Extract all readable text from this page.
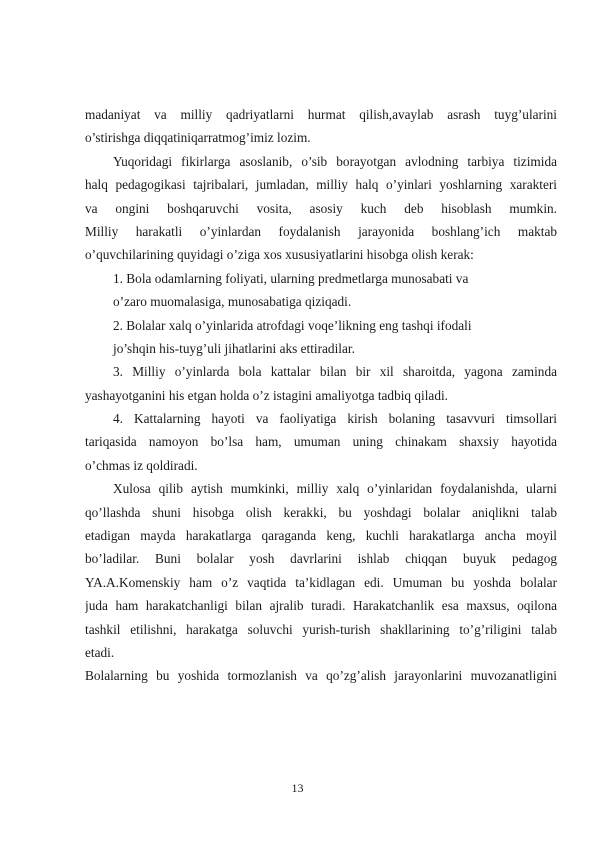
madaniyat va milliy qadriyatlarni hurmat qilish,avaylab asrash tuyg’ularini
o’stirishga diqqatiniqarratmog’imiz lozim.
Yuqoridagi fikirlarga asoslanib, o’sib borayotgan avlodning tarbiya tizimida
halq pedagogikasi tajribalari, jumladan, milliy halq o’yinlari yoshlarning xarakteri
va ongini boshqaruvchi vosita, asosiy kuch deb hisoblash mumkin.
Milliy harakatli o’yinlardan foydalanish jarayonida boshlang’ich maktab
o’quvchilarining quyidagi o’ziga xos xususiyatlarini hisobga olish kerak:
1. Bola odamlarning foliyati, ularning predmetlarga munosabati va
o’zaro muomalasiga, munosabatiga qiziqadi.
2. Bolalar xalq o’yinlarida atrofdagi voqe’likning eng tashqi ifodali
jo’shqin his-tuyg’uli jihatlarini aks ettiradilar.
3. Milliy o’yinlarda bola kattalar bilan bir xil sharoitda, yagona zaminda
yashayotganini his etgan holda o’z istagini amaliyotga tadbiq qiladi.
4. Kattalarning hayoti va faoliyatiga kirish bolaning tasavvuri timsollari
tariqasida namoyon bo’lsa ham, umuman uning chinakam shaxsiy hayotida
o’chmas iz qoldiradi.
Xulosa qilib aytish mumkinki, milliy xalq o’yinlaridan foydalanishda, ularni
qo’llashda shuni hisobga olish kerakki, bu yoshdagi bolalar aniqlikni talab
etadigan mayda harakatlarga qaraganda keng, kuchli harakatlarga ancha moyil
bo’ladilar. Buni bolalar yosh davrlarini ishlab chiqqan buyuk pedagog
YA.A.Komenskiy ham o’z vaqtida ta’kidlagan edi. Umuman bu yoshda bolalar
juda ham harakatchanligi bilan ajralib turadi. Harakatchanlik esa maxsus, oqilona
tashkil etilishni, harakatga soluvchi yurish-turish shakllarining to’g’riligini talab
etadi.
Bolalarning bu yoshida tormozlanish va qo’zg’alish jarayonlarini muvozanatligini
13
